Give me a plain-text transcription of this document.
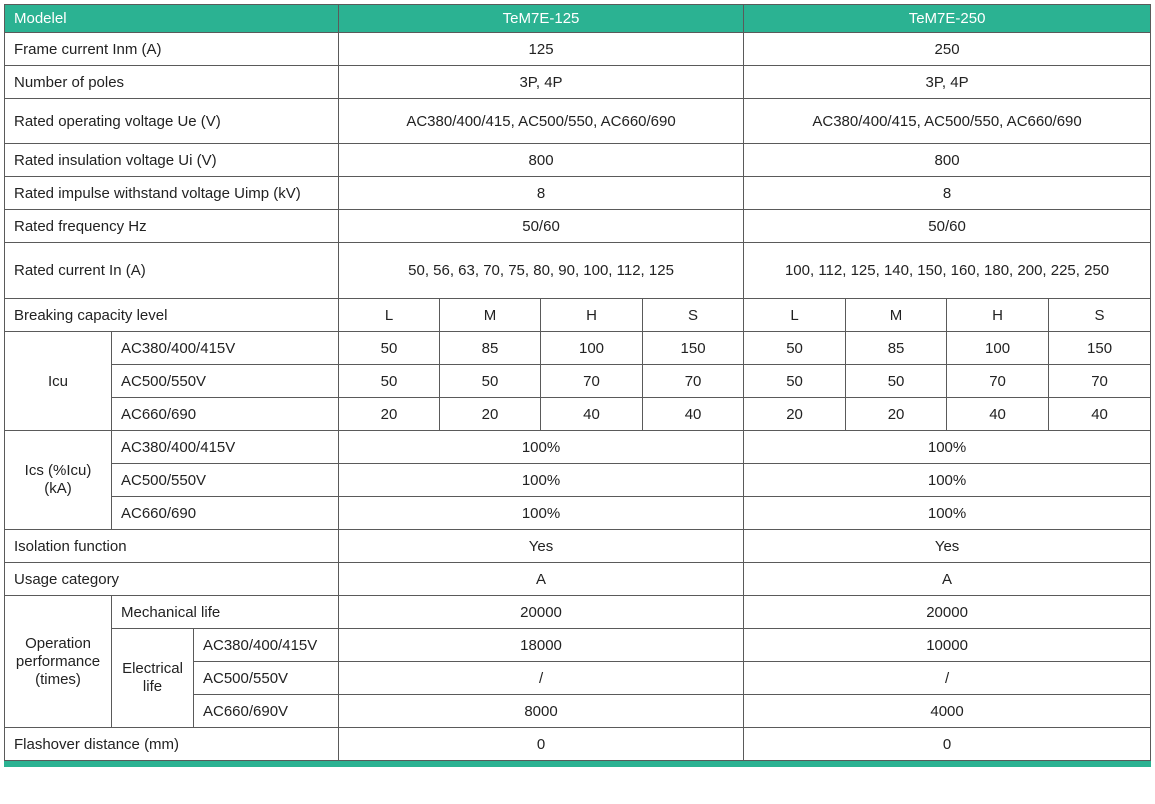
Modelel			TeM7E-125				TeM7E-250			
Frame current Inm (A)			125				250			
Number of poles			3P, 4P				3P, 4P			
Rated operating voltage Ue (V)			AC380/400/415, AC500/550, AC660/690				AC380/400/415, AC500/550, AC660/690			
Rated insulation voltage Ui (V)			800				800			
Rated impulse withstand voltage Uimp (kV)			8				8			
Rated frequency Hz			50/60				50/60			
Rated current In (A)			50, 56, 63, 70, 75, 80, 90, 100, 112, 125				100, 112, 125, 140, 150, 160, 180, 200, 225, 250			
Breaking capacity level			L	M	H	S	L	M	H	S
Icu	AC380/400/415V		50	85	100	150	50	85	100	150
	AC500/550V		50	50	70	70	50	50	70	70
	AC660/690		20	20	40	40	20	20	40	40
Ics (%Icu) (kA)	AC380/400/415V		100%				100%			
	AC500/550V		100%				100%			
	AC660/690		100%				100%			
Isolation function			Yes				Yes			
Usage category			A				A			
Operation performance (times)	Mechanical life		20000				20000			
	Electrical life	AC380/400/415V	18000				10000			
		AC500/550V	/				/			
		AC660/690V	8000				4000			
Flashover distance (mm)			0				0			
